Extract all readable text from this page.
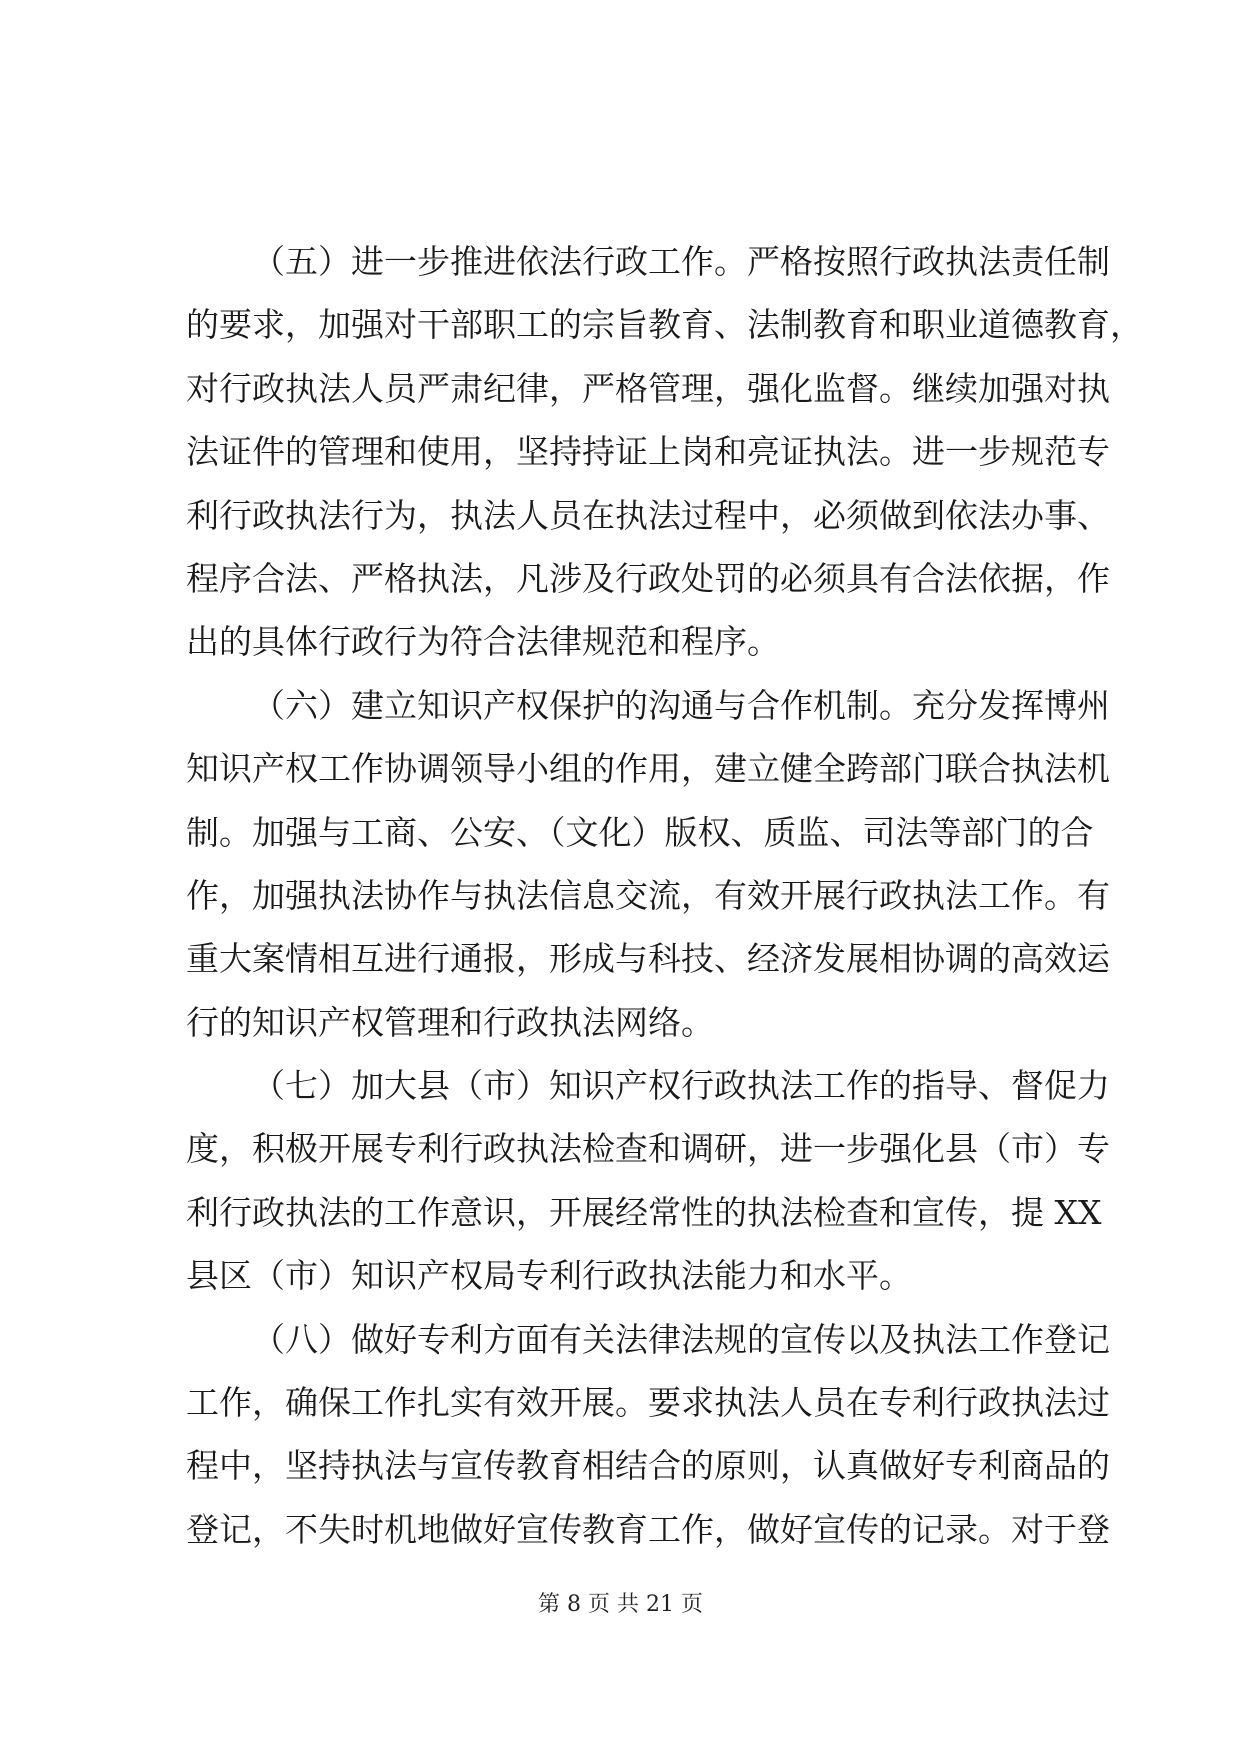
（五）进一步推进依法行政工作。严格按照行政执法责任制
的要求，加强对干部职工的宗旨教育、法制教育和职业道德教育，
对行政执法人员严肃纪律，严格管理，强化监督。继续加强对执
法证件的管理和使用，坚持持证上岗和亮证执法。进一步规范专
利行政执法行为，执法人员在执法过程中，必须做到依法办事、
程序合法、严格执法，凡涉及行政处罚的必须具有合法依据，作
出的具体行政行为符合法律规范和程序。
（六）建立知识产权保护的沟通与合作机制。充分发挥博州
知识产权工作协调领导小组的作用，建立健全跨部门联合执法机
制。加强与工商、公安、（文化）版权、质监、司法等部门的合
作，加强执法协作与执法信息交流，有效开展行政执法工作。有
重大案情相互进行通报，形成与科技、经济发展相协调的高效运
行的知识产权管理和行政执法网络。
（七）加大县（市）知识产权行政执法工作的指导、督促力
度，积极开展专利行政执法检查和调研，进一步强化县（市）专
利行政执法的工作意识，开展经常性的执法检查和宣传，提 XX
县区（市）知识产权局专利行政执法能力和水平。
（八）做好专利方面有关法律法规的宣传以及执法工作登记
工作，确保工作扎实有效开展。要求执法人员在专利行政执法过
程中，坚持执法与宣传教育相结合的原则，认真做好专利商品的
登记，不失时机地做好宣传教育工作，做好宣传的记录。对于登
第 8 页 共 21 页
